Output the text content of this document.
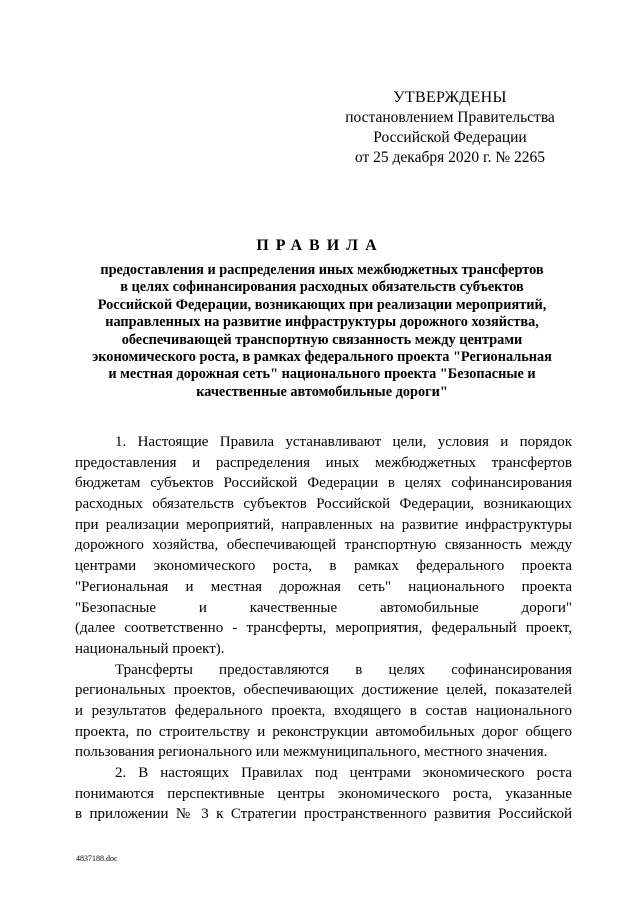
УТВЕРЖДЕНЫ
постановлением Правительства
Российской Федерации
от 25 декабря 2020 г. № 2265
ПРАВИЛА
предоставления и распределения иных межбюджетных трансфертов
в целях софинансирования расходных обязательств субъектов
Российской Федерации, возникающих при реализации мероприятий,
направленных на развитие инфраструктуры дорожного хозяйства,
обеспечивающей транспортную связанность между центрами
экономического роста, в рамках федерального проекта "Региональная
и местная дорожная сеть" национального проекта "Безопасные и
качественные автомобильные дороги"
1. Настоящие Правила устанавливают цели, условия и порядок
предоставления и распределения иных межбюджетных трансфертов
бюджетам субъектов Российской Федерации в целях софинансирования
расходных обязательств субъектов Российской Федерации, возникающих
при реализации мероприятий, направленных на развитие инфраструктуры
дорожного хозяйства, обеспечивающей транспортную связанность между
центрами экономического роста, в рамках федерального проекта
"Региональная и местная дорожная сеть" национального проекта
"Безопасные и качественные автомобильные дороги"
(далее соответственно - трансферты, мероприятия, федеральный проект,
национальный проект).
Трансферты предоставляются в целях софинансирования
региональных проектов, обеспечивающих достижение целей, показателей
и результатов федерального проекта, входящего в состав национального
проекта, по строительству и реконструкции автомобильных дорог общего
пользования регионального или межмуниципального, местного значения.
2. В настоящих Правилах под центрами экономического роста
понимаются перспективные центры экономического роста, указанные
в приложении № 3 к Стратегии пространственного развития Российской
4837188.doc
